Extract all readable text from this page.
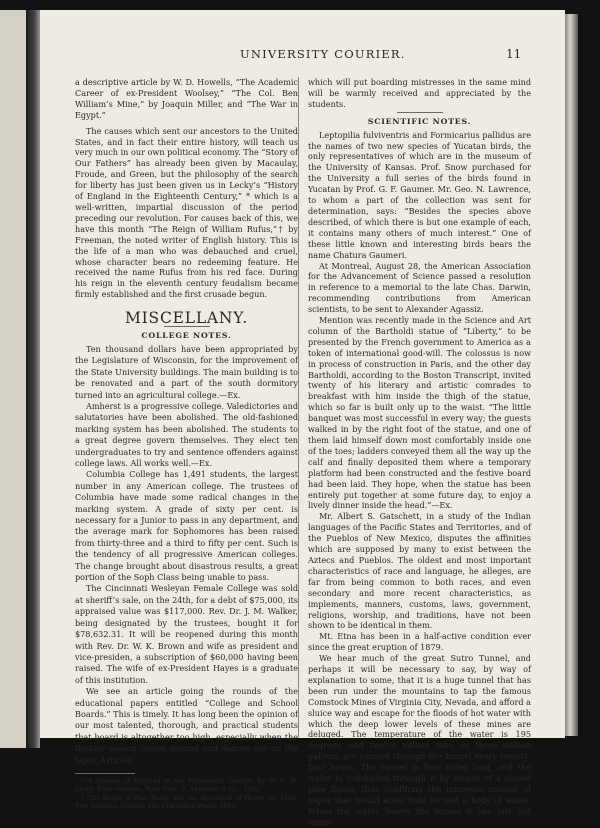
UNIVERSITY COURIER.	11

a descriptive article by W. D. Howells, “The Academic Career of ex-President Woolsey,” “The Col. Ben William’s Mine,” by Joaquin Miller, and “The War in Egypt.”

The causes which sent our ancestors to the United States, and in fact their entire history, will teach us very much in our own political economy. The “Story of Our Fathers” has already been given by Macaulay, Froude, and Green, but the philosophy of the search for liberty has just been given us in Lecky’s “History of England in the Eighteenth Century,” * which is a well-written, impartial discussion of the period preceding our revolution. For causes back of this, we have this month “The Reign of William Rufus,”† by Freeman, the noted writer of English history. This is the life of a man who was debauched and cruel, whose character bears no redeeming feature. He received the name Rufus from his red face. During his reign in the eleventh century feudalism became firmly established and the first crusade begun.

MISCELLANY.
COLLEGE NOTES.

Ten thousand dollars have been appropriated by the Legislature of Wisconsin, for the improvement of the State University buildings. The main building is to be renovated and a part of the south dormitory turned into an agricultural college.—Ex.

Amherst is a progressive college. Valedictories and salutatories have been abolished. The old-fashioned marking system has been abolished. The students to a great degree govern themselves. They elect ten undergraduates to try and sentence offenders against college laws. All works well.—Ex.

Columbia College has 1,491 students, the largest number in any American college. The trustees of Columbia have made some radical changes in the marking system. A grade of sixty per cent. is necessary for a Junior to pass in any department, and the average mark for Sophomores has been raised from thirty-three and a third to fifty per cent. Such is the tendency of all progressive American colleges. The change brought about disastrous results, a great portion of the Soph Class being unable to pass.

The Cincinnati Wesleyan Female College was sold at sheriff’s sale, on the 24th, for a debt of $75,000, its appraised value was $117,000. Rev. Dr. J. M. Walker, being designated by the trustees, bought it for $78,632.31. It will be reopened during this month with Rev. Dr. W. K. Brown and wife as president and vice-presiden, a subscription of $60,000 having been raised. The wife of ex-President Hayes is a graduate of this institution.

We see an article going the rounds of the educational papers entitled “College and School Boards.” This is timely. It has long been the opinion of our most talented, thorough, and practical students that board is altogether too high, especially when the theater season comes around and dances are on the tapis. Articles

* A History of England in the Eighteenth Century by W. E. H. Lecky. Four volumes. New York: D. Appleton & Co., 1882.

† The Reign of Wm. Rufus and the Accession of Henry the First. Two volumes. Oxford: The Clarendon Press, 1882.

which will put boarding mistresses in the same mind will be warmly received and appreciated by the students.

SCIENTIFIC NOTES.

Leptopilia fulviventris and Formicarius pallidus are the names of two new species of Yucatan birds, the only representatives of which are in the museum of the University of Kansas. Prof. Snow purchased for the University a full series of the birds found in Yucatan by Prof. G. F. Gaumer. Mr. Geo. N. Lawrence, to whom a part of the collection was sent for determination, says: “Besides the species above described, of which there is but one example of each, it contains many others of much interest.” One of these little known and interesting birds bears the name Chatura Gaumeri.

At Montreal, August 28, the American Association for the Advancement of Science passed a resolution in reference to a memorial to the late Chas. Darwin, recommending contributions from American scientists, to be sent to Alexander Agassiz.

Mention was recently made in the Science and Art column of the Bartholdi statue of “Liberty,” to be presented by the French government to America as a token of international good-will. The colossus is now in process of construction in Paris, and the other day Bartholdi, according to the Boston Transcript, invited twenty of his literary and artistic comrades to breakfast with him inside the thigh of the statue, which so far is built only up to the waist. “The little banquet was most successful in every way; the guests walked in by the right foot of the statue, and one of them laid himself down most comfortably inside one of the toes; ladders conveyed them all the way up the calf and finally deposited them where a temporary platform had been constructed and the festive board had been laid. They hope, when the statue has been entirely put together at some future day, to enjoy a lively dinner inside the head.”—Ex.

Mr. Albert S. Gatschett, in a study of the Indian languages of the Pacific States and Territories, and of the Pueblos of New Mexico, disputes the affinities which are supposed by many to exist between the Aztecs and Pueblos. The oldest and most important characteristics of race and language, he alleges, are far from being common to both races, and even secondary and more recent characteristics, as implements, manners, customs, laws, government, religions, worship, and traditions, have not been shown to be identical in them.

Mt. Etna has been in a half-active condition ever since the great eruption of 1879.

We hear much of the great Sutro Tunnel, and perhaps it will be necessary to say, by way of explanation to some, that it is a huge tunnel that has been run under the mountains to tap the famous Comstock Mines of Virginia City, Nevada, and afford a sluice way and escape for the floods of hot water with which the deep lower levels of these mines are deluged. The temperature of the water is 195 degrees, and twelve million tons, or three million gallons, are carried through the tunnel every twenty-four hours. The tunnel is four miles long, and the water is conducted through it by means of a closed pine flume, thus confining the immense masses of vapor that would arise from so vast a body of water. When the water leaves the tunnel it has lost but seven
